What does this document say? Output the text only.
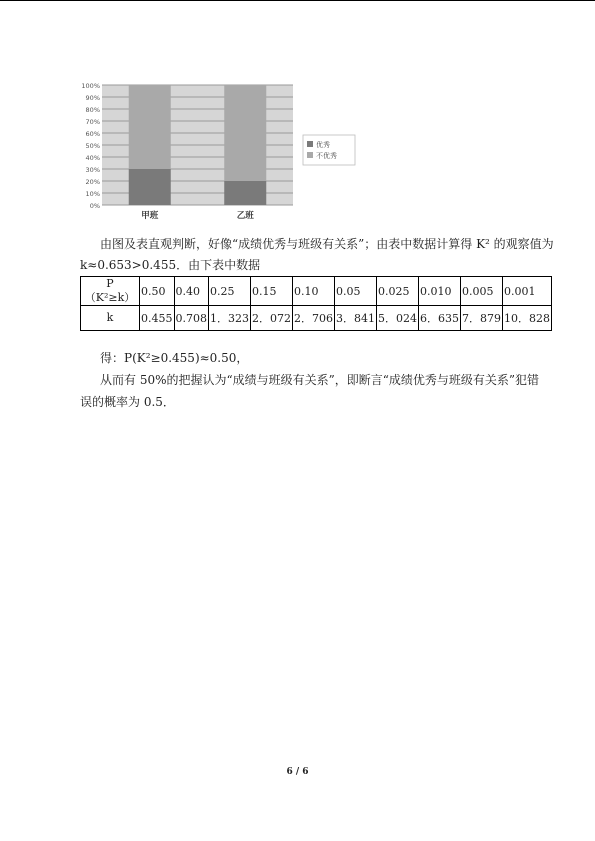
0%
10%
20%
30%
40%
50%
60%
70%
80%
90%
100%
甲班	乙班
优秀
不优秀

由图及表直观判断，好像“成绩优秀与班级有关系”；由表中数据计算得 K² 的观察值为

k≈0.653>0.455．由下表中数据

P
（K²≥k）	0.50	0.40	0.25	0.15	0.10	0.05	0.025	0.010	0.005	0.001
k	0.455	0.708	1．323	2．072	2．706	3．841	5．024	6．635	7．879	10．828

得：P(K²≥0.455)≈0.50，

从而有 50%的把握认为“成绩与班级有关系”，即断言“成绩优秀与班级有关系”犯错

误的概率为 0.5．

6 / 6
